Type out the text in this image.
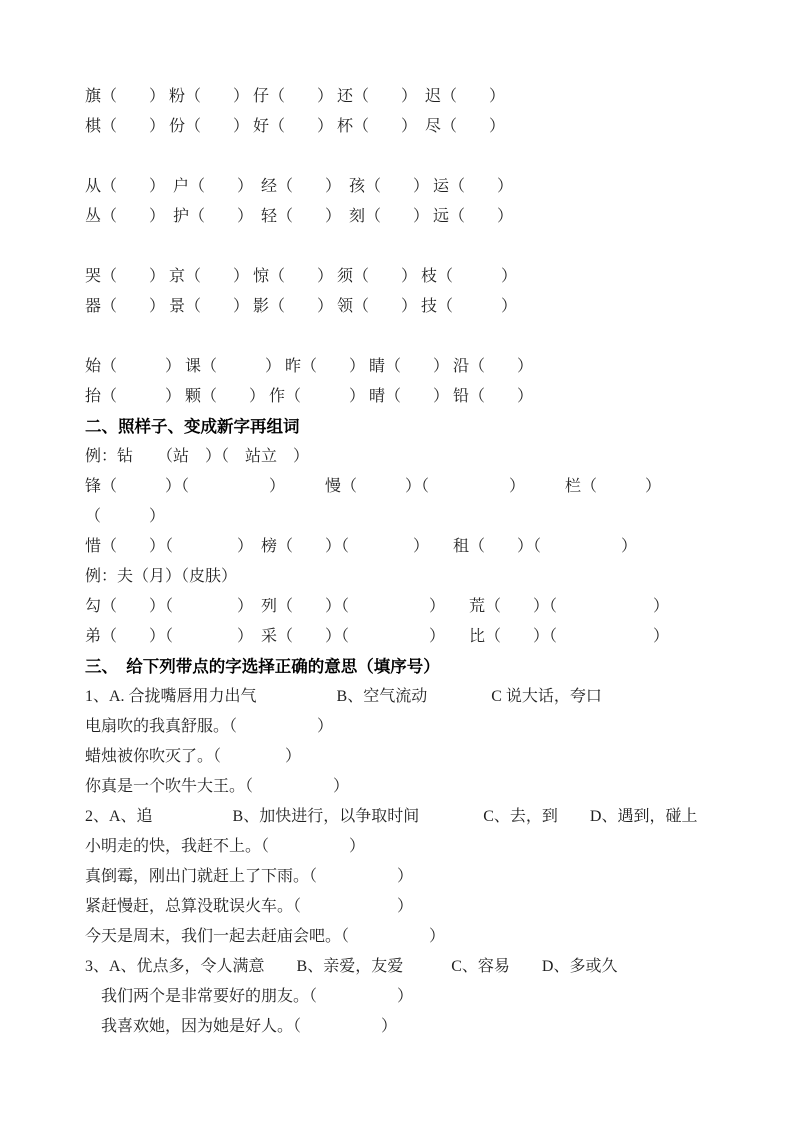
旗（　　） 粉（　　） 仔（　　） 还（　　）　迟（　　）
棋（　　） 份（　　） 好（　　） 杯（　　）　尽（　　）
从（　　）　户（　　）　经（　　）　孩（　　） 运（　　）
丛（　　）　护（　　）　轻（　　）　刻（　　） 远（　　）
哭（　　） 京（　　） 惊（　　） 须（　　） 枝（　　　）
器（　　） 景（　　） 影（　　） 领（　　） 技（　　　）
始（　　　） 课（　　　） 昨（　　） 睛（　　） 沿（　　）
抬（　　　） 颗（　　） 作（　　　） 晴（　　） 铅（　　）
二、照样子、变成新字再组词
例：钻　　（站　）（　站立　）
锋（　　　）（　　　　　）　　　慢（　　　）（　　　　　）　　　栏（　　　）
（　　　）
惜（　　）（　　　　）　榜（　　）（　　　　）　　租（　　）（　　　　　）
例：夫（月）（皮肤）
勾（　　）（　　　　）　列（　　）（　　　　　）　　荒（　　）（　　　　　　）
弟（　　）（　　　　）　采（　　）（　　　　　）　　比（　　）（　　　　　　）
三、　给下列带点的字选择正确的意思（填序号）
1、A. 合拢嘴唇用力出气　　　　　B、空气流动　　　　C 说大话，夸口
电扇吹的我真舒服。（　　　　　）
蜡烛被你吹灭了。（　　　　）
你真是一个吹牛大王。（　　　　　）
2、A、追　　　　　B、加快进行，以争取时间　　　　C、去，到　　D、遇到，碰上
小明走的快，我赶不上。（　　　　　）
真倒霉，刚出门就赶上了下雨。（　　　　　）
紧赶慢赶，总算没耽误火车。（　　　　　　）
今天是周末，我们一起去赶庙会吧。（　　　　　）
3、A、优点多，令人满意　　B、亲爱，友爱　　　C、容易　　D、多或久
　我们两个是非常要好的朋友。（　　　　　）
　我喜欢她，因为她是好人。（　　　　　）
